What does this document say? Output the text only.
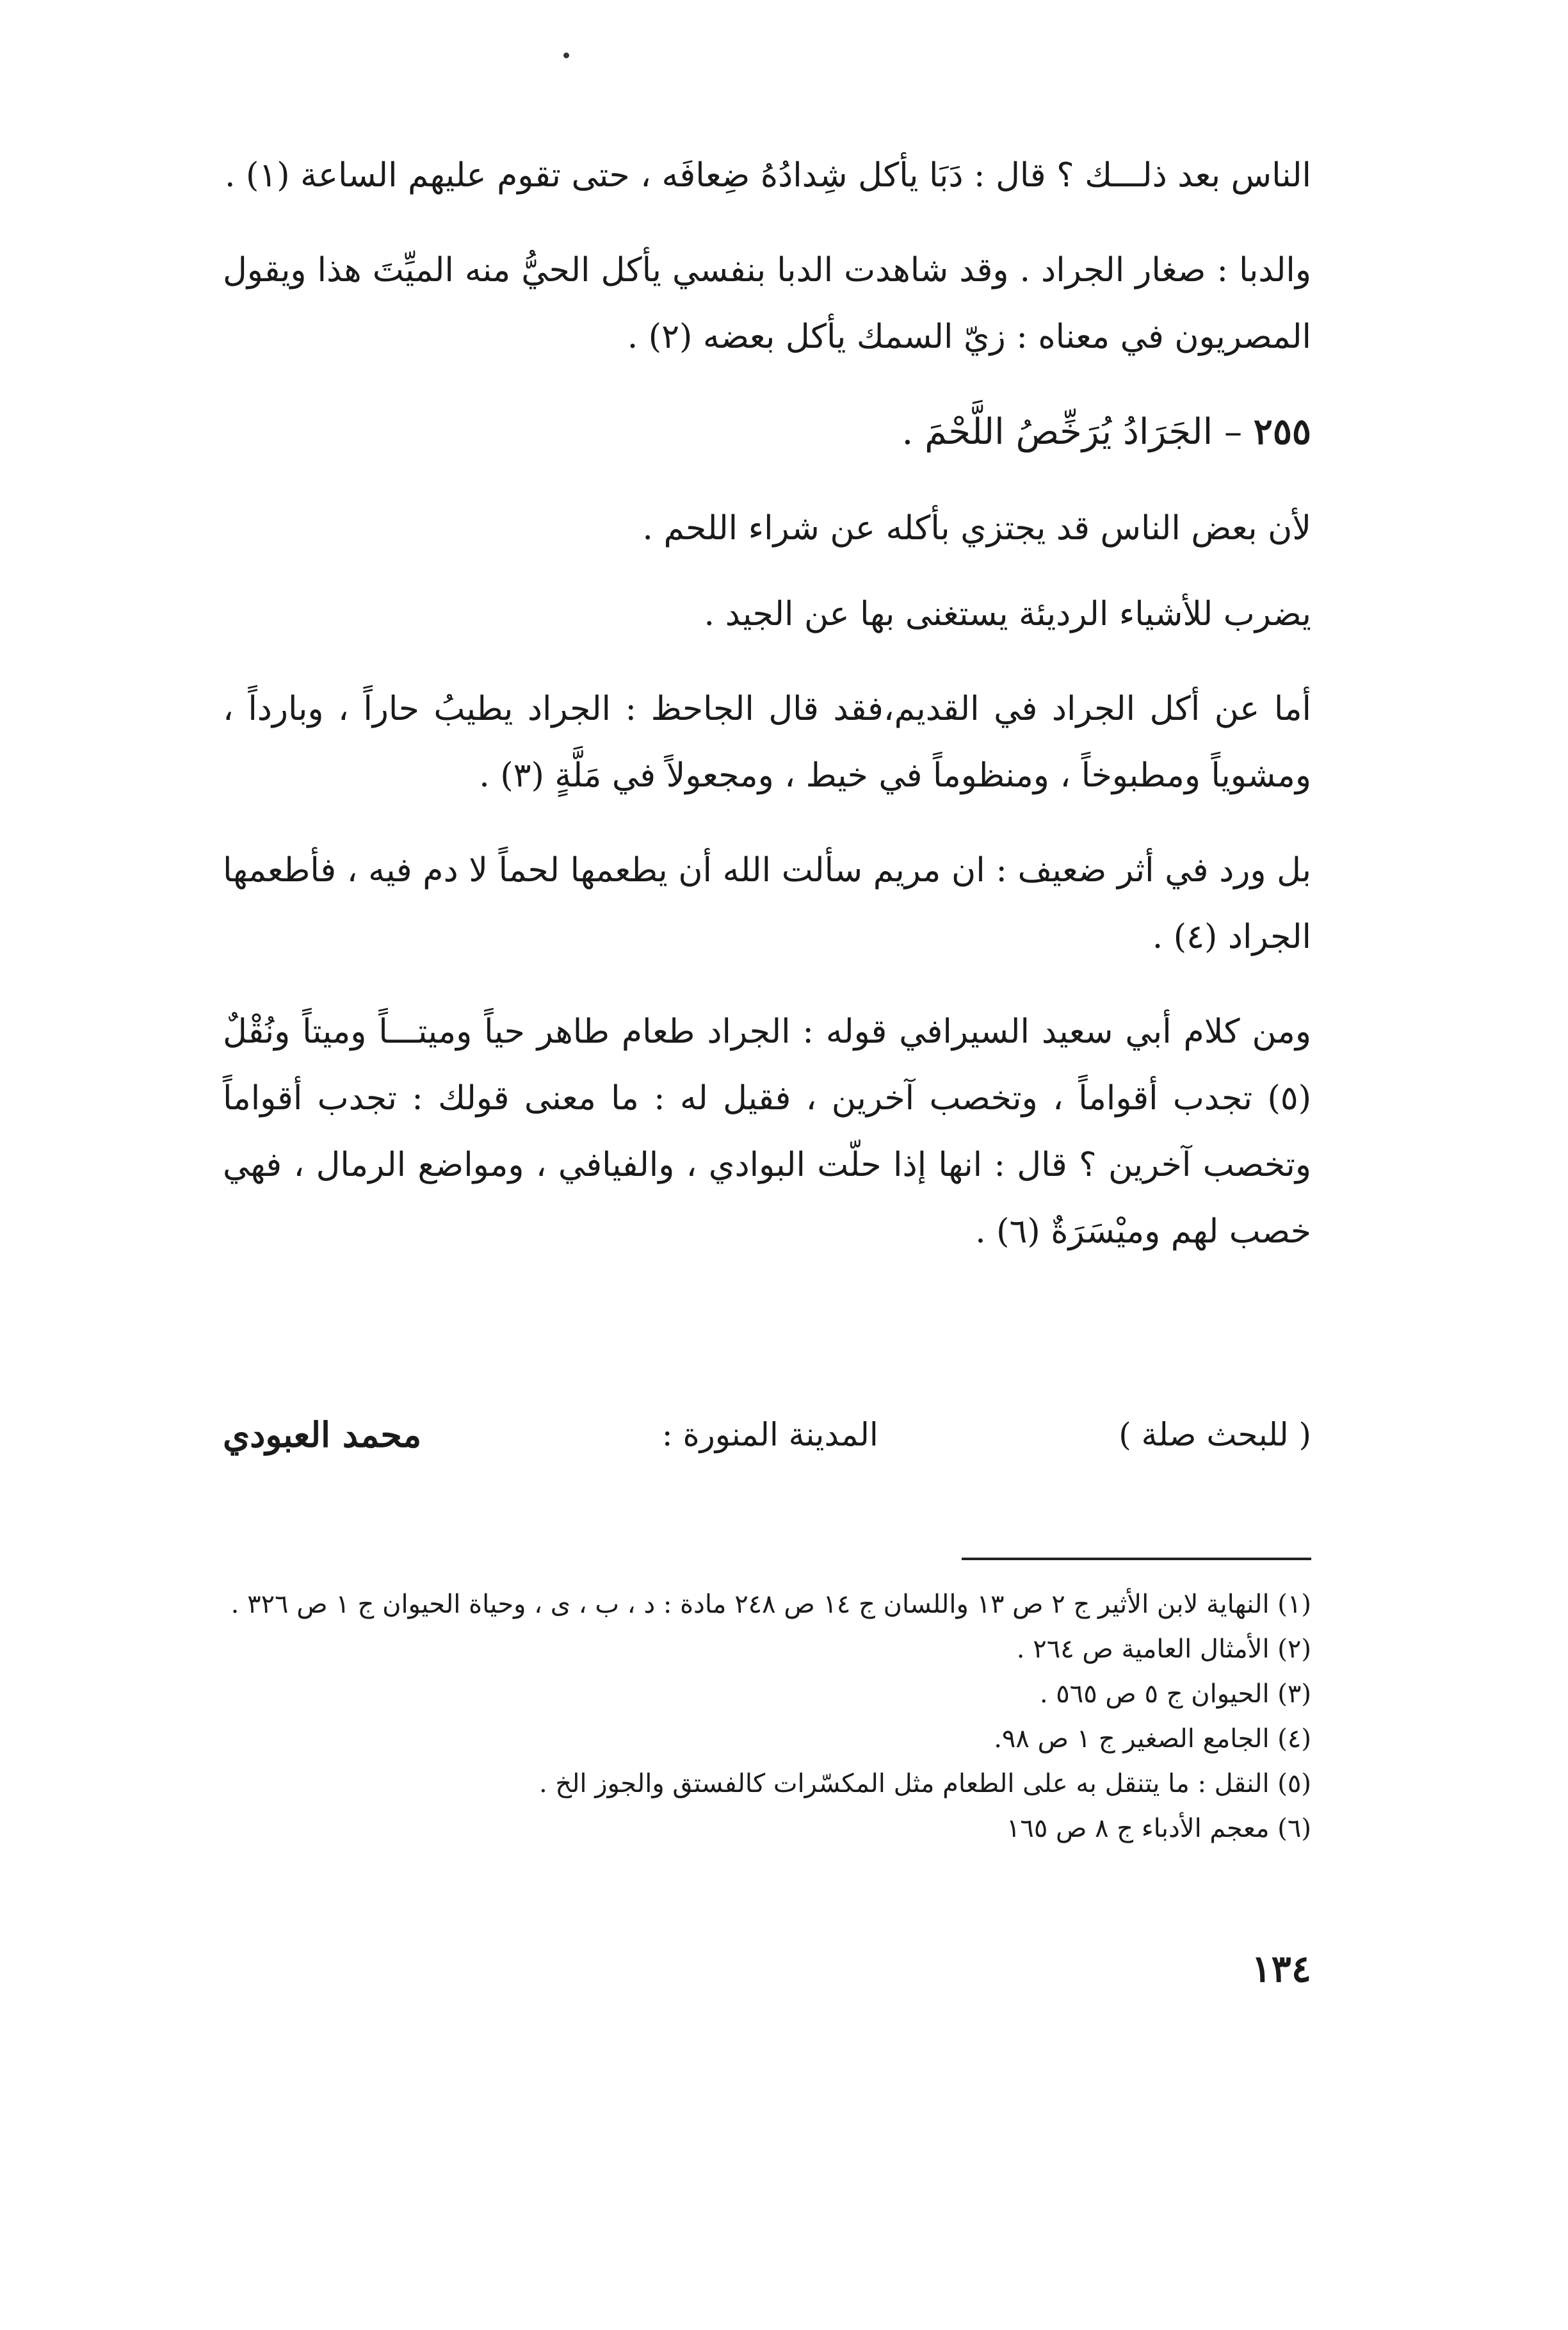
الناس بعد ذلـــك ؟ قال : دَبَا يأكل شِدادُهُ ضِعافَه ، حتى تقوم عليهم الساعة (١) .

والدبا : صغار الجراد . وقد شاهدت الدبا بنفسي يأكل الحيُّ منه الميِّتَ هذا ويقول المصريون في معناه : زيّ السمك يأكل بعضه (٢) .

٢٥٥ – الجَرَادُ يُرَخِّصُ اللَّحْمَ .

لأن بعض الناس قد يجتزي بأكله عن شراء اللحم .

يضرب للأشياء الرديئة يستغنى بها عن الجيد .

أما عن أكل الجراد في القديم،فقد قال الجاحظ : الجراد يطيبُ حاراً ، وبارداً ، ومشوياً ومطبوخاً ، ومنظوماً في خيط ، ومجعولاً في مَلَّةٍ (٣) .

بل ورد في أثر ضعيف : ان مريم سألت الله أن يطعمها لحماً لا دم فيه ، فأطعمها الجراد (٤) .

ومن كلام أبي سعيد السيرافي قوله : الجراد طعام طاهر حياً وميتـــاً وميتاً ونُقْلٌ (٥) تجدب أقواماً ، وتخصب آخرين ، فقيل له : ما معنى قولك : تجدب أقواماً وتخصب آخرين ؟ قال : انها إذا حلّت البوادي ، والفيافي ، ومواضع الرمال ، فهي خصب لهم وميْسَرَةٌ (٦) .

( للبحث صلة )
المدينة المنورة :
محمد العبودي

(١) النهاية لابن الأثير ج ٢ ص ١٣ واللسان ج ١٤ ص ٢٤٨ مادة : د ، ب ، ى ، وحياة الحيوان ج ١ ص ٣٢٦ .

(٢) الأمثال العامية ص ٢٦٤ .

(٣) الحيوان ج ٥ ص ٥٦٥ .

(٤) الجامع الصغير ج ١ ص ٩٨.

(٥) النقل : ما يتنقل به على الطعام مثل المكسّرات كالفستق والجوز الخ .

(٦) معجم الأدباء ج ٨ ص ١٦٥

١٣٤
